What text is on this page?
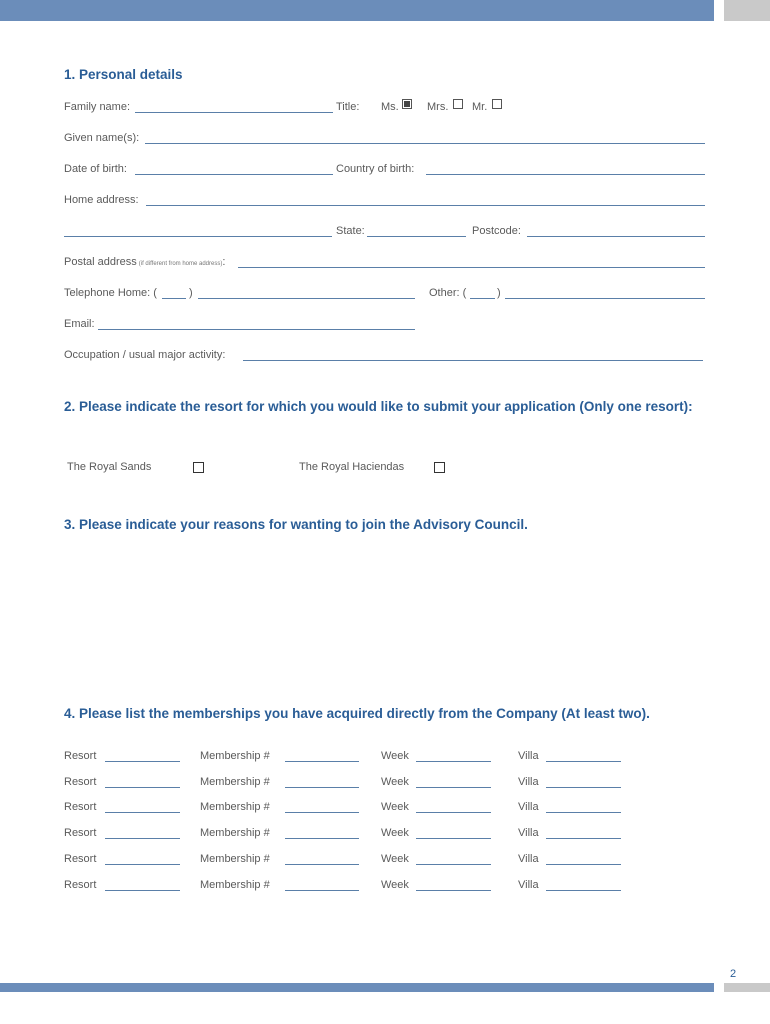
1. Personal details
Family name:	Title: Ms.	Mrs. Mr.
Given name(s):
Date of birth:	Country of birth:
Home address:
State:	Postcode:
Postal address (if different from home address):
Telephone Home: (	)	Other: (	)
Email:
Occupation / usual major activity:
2. Please indicate the resort for which you would like to submit your application (Only one resort):
The Royal Sands	The Royal Haciendas
3. Please indicate your reasons for wanting to join the Advisory Council.
4. Please list the memberships you have acquired directly from the Company (At least two).
Resort	Membership #	Week	Villa
Resort	Membership #	Week	Villa
Resort	Membership #	Week	Villa
Resort	Membership #	Week	Villa
Resort	Membership #	Week	Villa
Resort	Membership #	Week	Villa
2
